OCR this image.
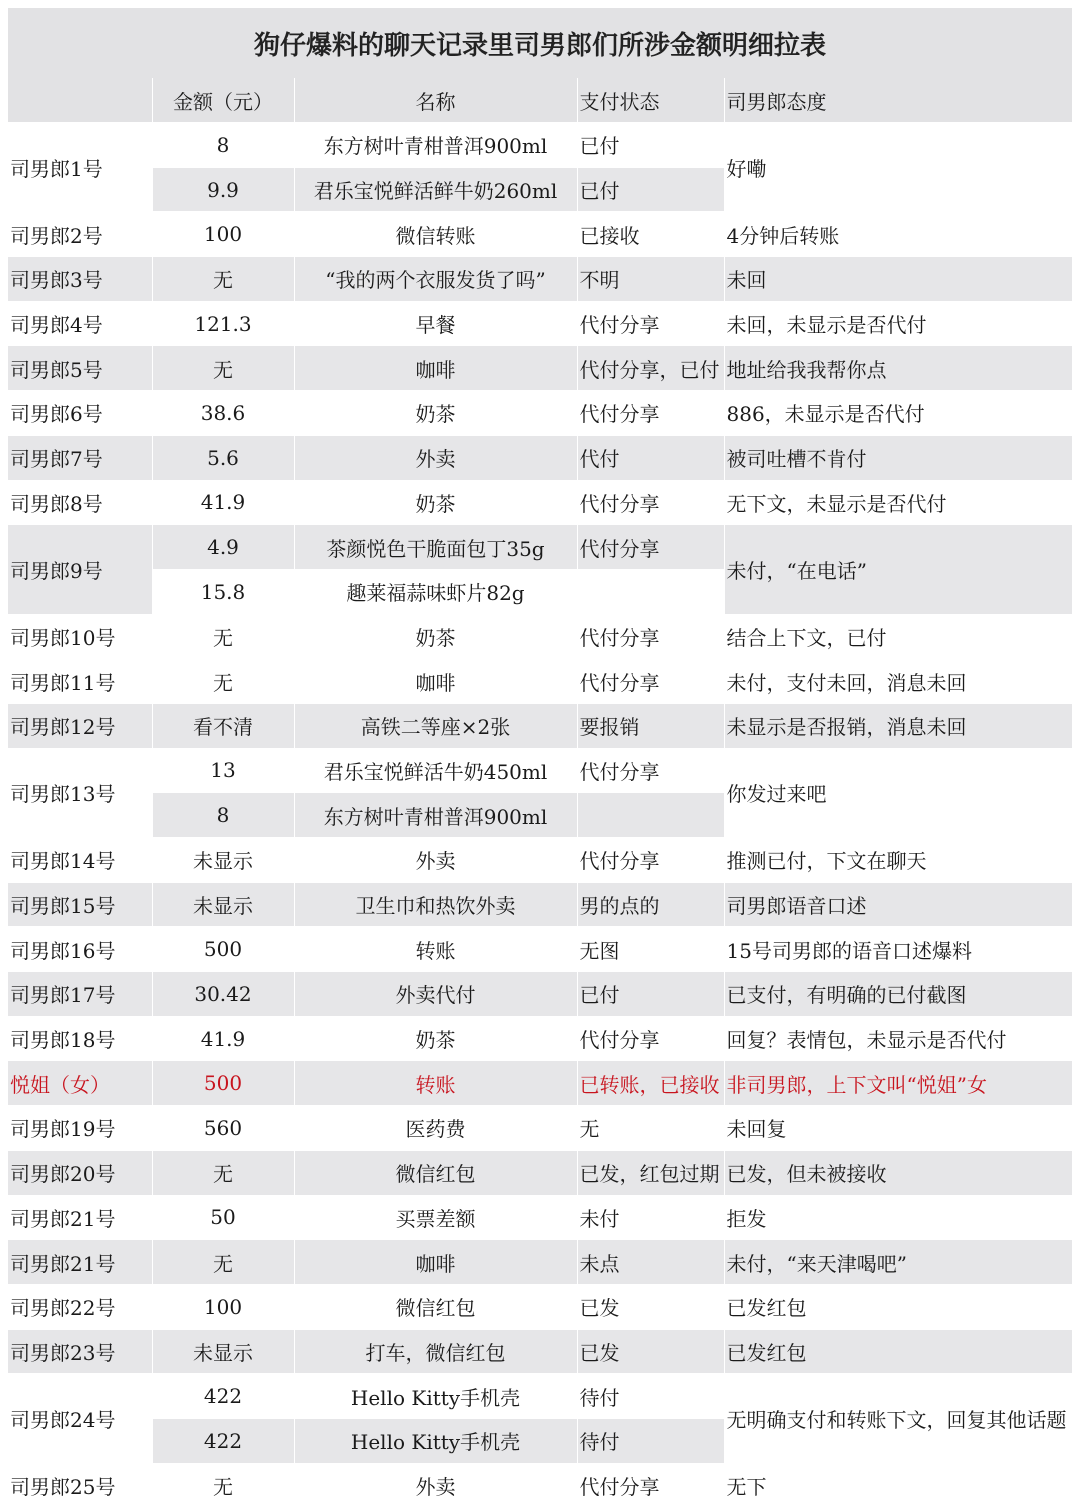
狗仔爆料的聊天记录里司男郎们所涉金额明细拉表
	金额（元）	名称	支付状态	司男郎态度
司男郎1号	8	东方树叶青柑普洱900ml	已付	好嘞
	9.9	君乐宝悦鲜活鲜牛奶260ml	已付	
司男郎2号	100	微信转账	已接收	4分钟后转账
司男郎3号	无	“我的两个衣服发货了吗”	不明	未回
司男郎4号	121.3	早餐	代付分享	未回，未显示是否代付
司男郎5号	无	咖啡	代付分享，已付	地址给我我帮你点
司男郎6号	38.6	奶茶	代付分享	886，未显示是否代付
司男郎7号	5.6	外卖	代付	被司吐槽不肯付
司男郎8号	41.9	奶茶	代付分享	无下文，未显示是否代付
司男郎9号	4.9	茶颜悦色干脆面包丁35g	代付分享	未付，“在电话”
	15.8	趣莱福蒜味虾片82g		
司男郎10号	无	奶茶	代付分享	结合上下文，已付
司男郎11号	无	咖啡	代付分享	未付，支付未回，消息未回
司男郎12号	看不清	高铁二等座×2张	要报销	未显示是否报销，消息未回
司男郎13号	13	君乐宝悦鲜活牛奶450ml	代付分享	你发过来吧
	8	东方树叶青柑普洱900ml		
司男郎14号	未显示	外卖	代付分享	推测已付，下文在聊天
司男郎15号	未显示	卫生巾和热饮外卖	男的点的	司男郎语音口述
司男郎16号	500	转账	无图	15号司男郎的语音口述爆料
司男郎17号	30.42	外卖代付	已付	已支付，有明确的已付截图
司男郎18号	41.9	奶茶	代付分享	回复？表情包，未显示是否代付
悦姐（女）	500	转账	已转账，已接收	非司男郎，上下文叫“悦姐”女
司男郎19号	560	医药费	无	未回复
司男郎20号	无	微信红包	已发，红包过期	已发，但未被接收
司男郎21号	50	买票差额	未付	拒发
司男郎21号	无	咖啡	未点	未付，“来天津喝吧”
司男郎22号	100	微信红包	已发	已发红包
司男郎23号	未显示	打车，微信红包	已发	已发红包
司男郎24号	422	Hello Kitty手机壳	待付	无明确支付和转账下文，回复其他话题
	422	Hello Kitty手机壳	待付	
司男郎25号	无	外卖	代付分享	无下
